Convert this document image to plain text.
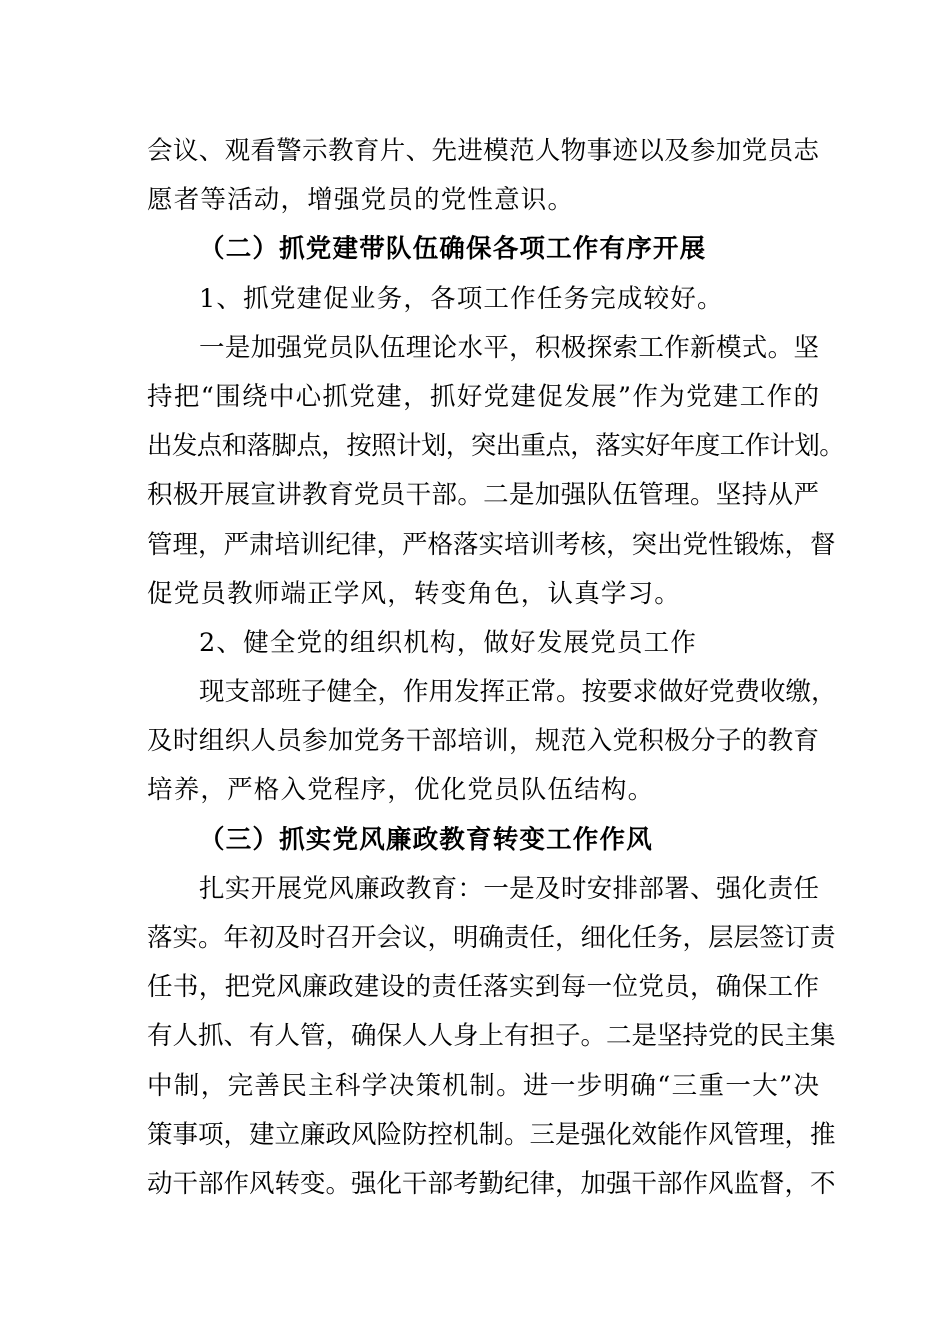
会议、观看警示教育片、先进模范人物事迹以及参加党员志
愿者等活动，增强党员的党性意识。
（二）抓党建带队伍确保各项工作有序开展
1、抓党建促业务，各项工作任务完成较好。
一是加强党员队伍理论水平，积极探索工作新模式。坚
持把“围绕中心抓党建，抓好党建促发展”作为党建工作的
出发点和落脚点，按照计划，突出重点，落实好年度工作计划。
积极开展宣讲教育党员干部。二是加强队伍管理。坚持从严
管理，严肃培训纪律，严格落实培训考核，突出党性锻炼，督
促党员教师端正学风，转变角色，认真学习。
2、健全党的组织机构，做好发展党员工作
现支部班子健全，作用发挥正常。按要求做好党费收缴，
及时组织人员参加党务干部培训，规范入党积极分子的教育
培养，严格入党程序，优化党员队伍结构。
（三）抓实党风廉政教育转变工作作风
扎实开展党风廉政教育：一是及时安排部署、强化责任
落实。年初及时召开会议，明确责任，细化任务，层层签订责
任书，把党风廉政建设的责任落实到每一位党员，确保工作
有人抓、有人管，确保人人身上有担子。二是坚持党的民主集
中制，完善民主科学决策机制。进一步明确“三重一大”决
策事项，建立廉政风险防控机制。三是强化效能作风管理，推
动干部作风转变。强化干部考勤纪律，加强干部作风监督，不
